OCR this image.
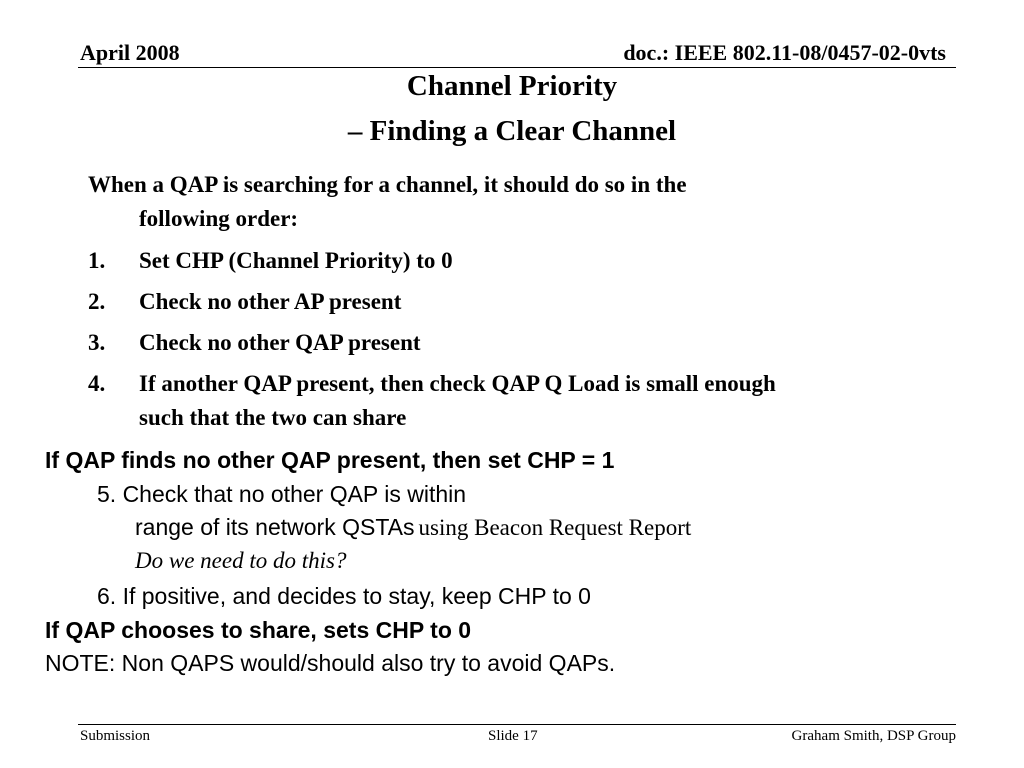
April 2008	doc.: IEEE 802.11-08/0457-02-0vts
Channel Priority
– Finding a Clear Channel
When a QAP is searching for a channel, it should do so in the
following order:
1.	Set CHP (Channel Priority) to 0
2.	Check no other AP present
3.	Check no other QAP present
4.	If another QAP present, then check QAP Q Load is small enough
such that the two can share
If QAP finds no other QAP present, then set CHP = 1
5. Check that no other QAP is within
range of its network QSTAs using Beacon Request Report
Do we need to do this?
6. If positive, and decides to stay, keep CHP to 0
If QAP chooses to share, sets CHP to 0
NOTE: Non QAPS would/should also try to avoid QAPs.
Submission	Slide 17	Graham Smith, DSP Group
